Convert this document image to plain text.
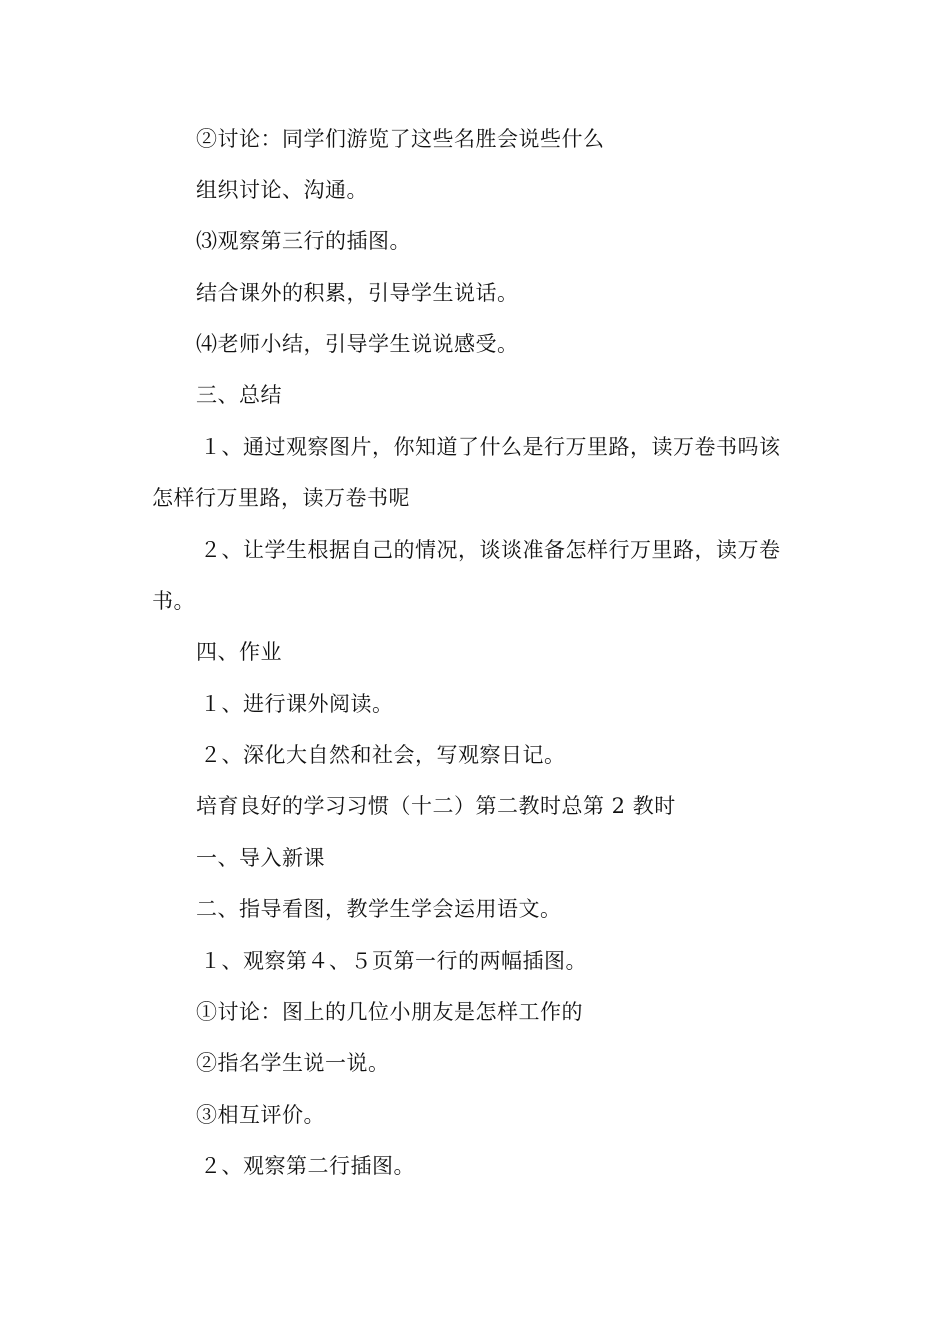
②讨论：同学们游览了这些名胜会说些什么
组织讨论、沟通。
⑶观察第三行的插图。
结合课外的积累，引导学生说话。
⑷老师小结，引导学生说说感受。
三、总结
１、通过观察图片，你知道了什么是行万里路，读万卷书吗该
怎样行万里路，读万卷书呢
２、让学生根据自己的情况，谈谈准备怎样行万里路，读万卷
书。
四、作业
１、进行课外阅读。
２、深化大自然和社会，写观察日记。
培育良好的学习习惯（十二）第二教时总第 2 教时
一、导入新课
二、指导看图，教学生学会运用语文。
１、观察第４、５页第一行的两幅插图。
①讨论：图上的几位小朋友是怎样工作的
②指名学生说一说。
③相互评价。
２、观察第二行插图。
